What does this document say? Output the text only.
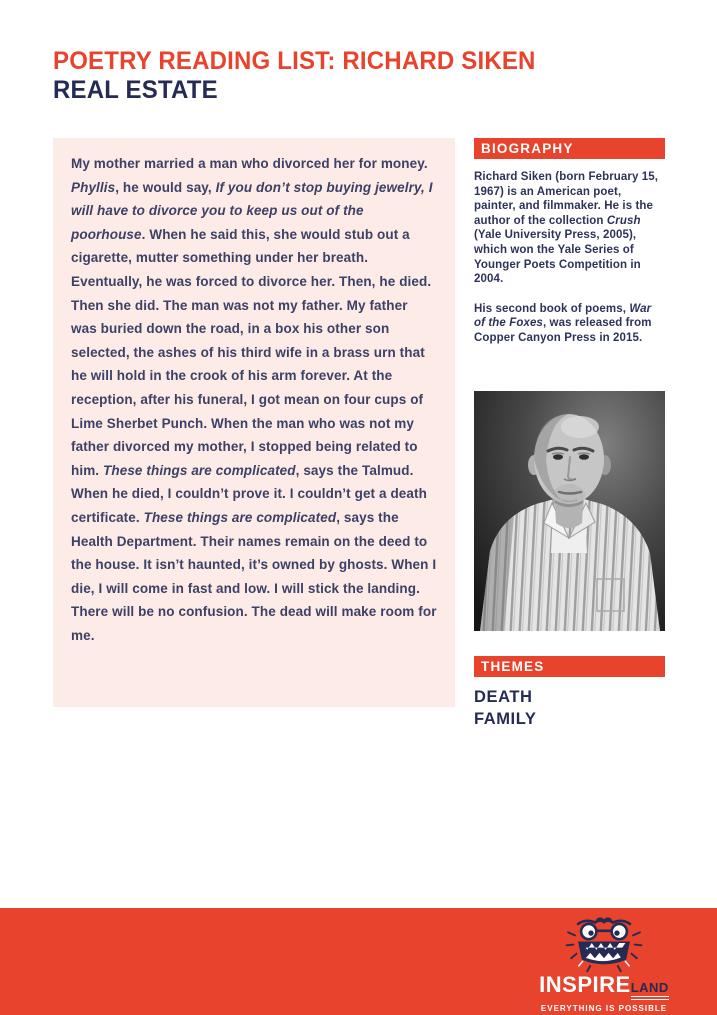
POETRY READING LIST: RICHARD SIKEN
REAL ESTATE

My mother married a man who divorced her for money. Phyllis, he would say, If you don’t stop buying jewelry, I will have to divorce you to keep us out of the poorhouse. When he said this, she would stub out a cigarette, mutter something under her breath. Eventually, he was forced to divorce her. Then, he died. Then she did. The man was not my father. My father was buried down the road, in a box his other son selected, the ashes of his third wife in a brass urn that he will hold in the crook of his arm forever. At the reception, after his funeral, I got mean on four cups of Lime Sherbet Punch. When the man who was not my father divorced my mother, I stopped being related to him. These things are complicated, says the Talmud. When he died, I couldn’t prove it. I couldn’t get a death certificate. These things are complicated, says the Health Department. Their names remain on the deed to the house. It isn’t haunted, it’s owned by ghosts. When I die, I will come in fast and low. I will stick the landing. There will be no confusion. The dead will make room for me.

BIOGRAPHY

Richard Siken (born February 15, 1967) is an American poet, painter, and filmmaker. He is the author of the collection Crush (Yale University Press, 2005), which won the Yale Series of Younger Poets Competition in 2004.

His second book of poems, War of the Foxes, was released from Copper Canyon Press in 2015.

THEMES
DEATH
FAMILY
INSPIRE LAND
EVERYTHING IS POSSIBLE
